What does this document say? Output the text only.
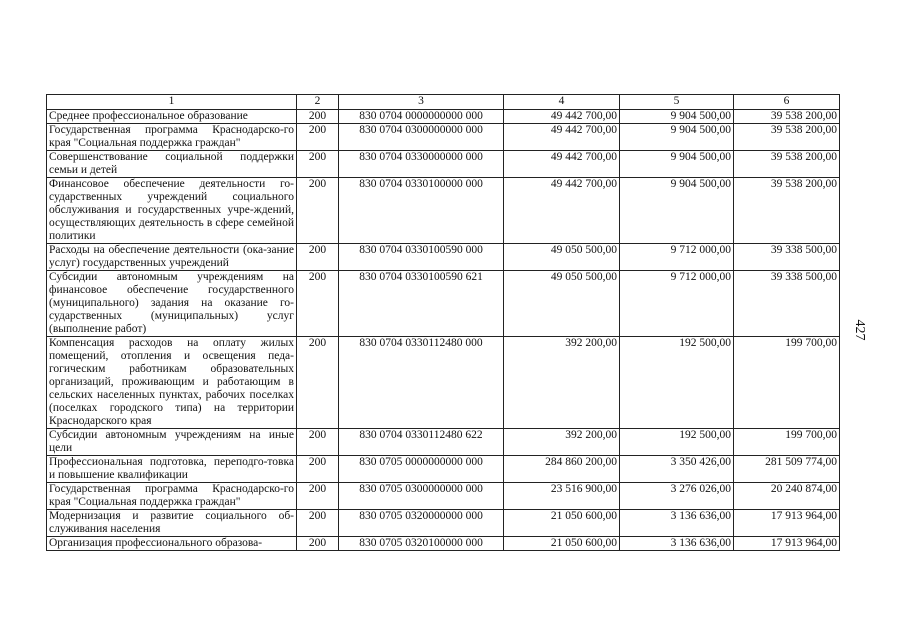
427
1	2	3	4	5	6
Среднее профессиональное образование	200	830 0704 0000000000 000	49 442 700,00	9 904 500,00	39 538 200,00
Государственная программа Краснодарско-го края "Социальная поддержка граждан"	200	830 0704 0300000000 000	49 442 700,00	9 904 500,00	39 538 200,00
Совершенствование социальной поддержки семьи и детей	200	830 0704 0330000000 000	49 442 700,00	9 904 500,00	39 538 200,00
Финансовое обеспечение деятельности го-сударственных учреждений социального обслуживания и государственных учре-ждений, осуществляющих деятельность в сфере семейной политики	200	830 0704 0330100000 000	49 442 700,00	9 904 500,00	39 538 200,00
Расходы на обеспечение деятельности (ока-зание услуг) государственных учреждений	200	830 0704 0330100590 000	49 050 500,00	9 712 000,00	39 338 500,00
Субсидии автономным учреждениям на финансовое обеспечение государственного (муниципального) задания на оказание го-сударственных (муниципальных) услуг (выполнение работ)	200	830 0704 0330100590 621	49 050 500,00	9 712 000,00	39 338 500,00
Компенсация расходов на оплату жилых помещений, отопления и освещения педа-гогическим работникам образовательных организаций, проживающим и работающим в сельских населенных пунктах, рабочих поселках (поселках городского типа) на территории Краснодарского края	200	830 0704 0330112480 000	392 200,00	192 500,00	199 700,00
Субсидии автономным учреждениям на иные цели	200	830 0704 0330112480 622	392 200,00	192 500,00	199 700,00
Профессиональная подготовка, переподго-товка и повышение квалификации	200	830 0705 0000000000 000	284 860 200,00	3 350 426,00	281 509 774,00
Государственная программа Краснодарско-го края "Социальная поддержка граждан"	200	830 0705 0300000000 000	23 516 900,00	3 276 026,00	20 240 874,00
Модернизация и развитие социального об-служивания населения	200	830 0705 0320000000 000	21 050 600,00	3 136 636,00	17 913 964,00
Организация профессионального образова-	200	830 0705 0320100000 000	21 050 600,00	3 136 636,00	17 913 964,00
